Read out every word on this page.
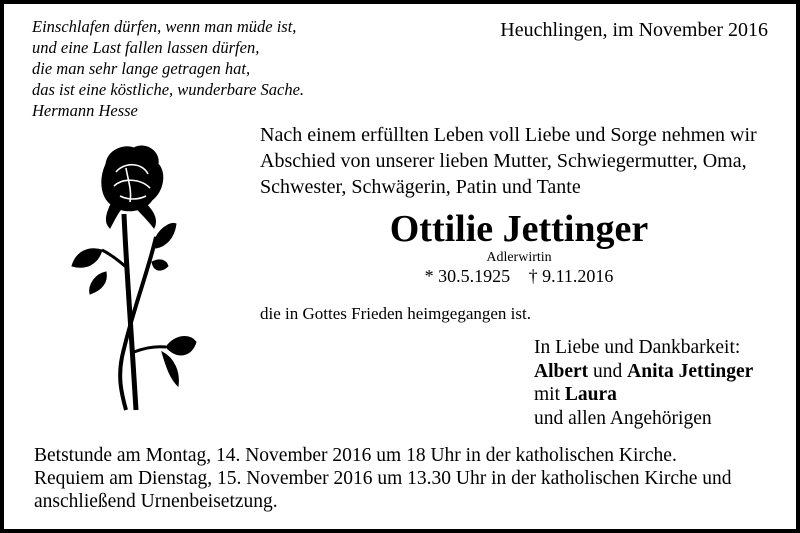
Einschlafen dürfen, wenn man müde ist,
und eine Last fallen lassen dürfen,
die man sehr lange getragen hat,
das ist eine köstliche, wunderbare Sache.
Hermann Hesse
Heuchlingen, im November 2016
Nach einem erfüllten Leben voll Liebe und Sorge nehmen wir
Abschied von unserer lieben Mutter, Schwiegermutter, Oma,
Schwester, Schwägerin, Patin und Tante
Ottilie Jettinger
Adlerwirtin
* 30.5.1925 † 9.11.2016
die in Gottes Frieden heimgegangen ist.
In Liebe und Dankbarkeit:
Albert und Anita Jettinger
mit Laura
und allen Angehörigen
Betstunde am Montag, 14. November 2016 um 18 Uhr in der katholischen Kirche.
Requiem am Dienstag, 15. November 2016 um 13.30 Uhr in der katholischen Kirche und
anschließend Urnenbeisetzung.
